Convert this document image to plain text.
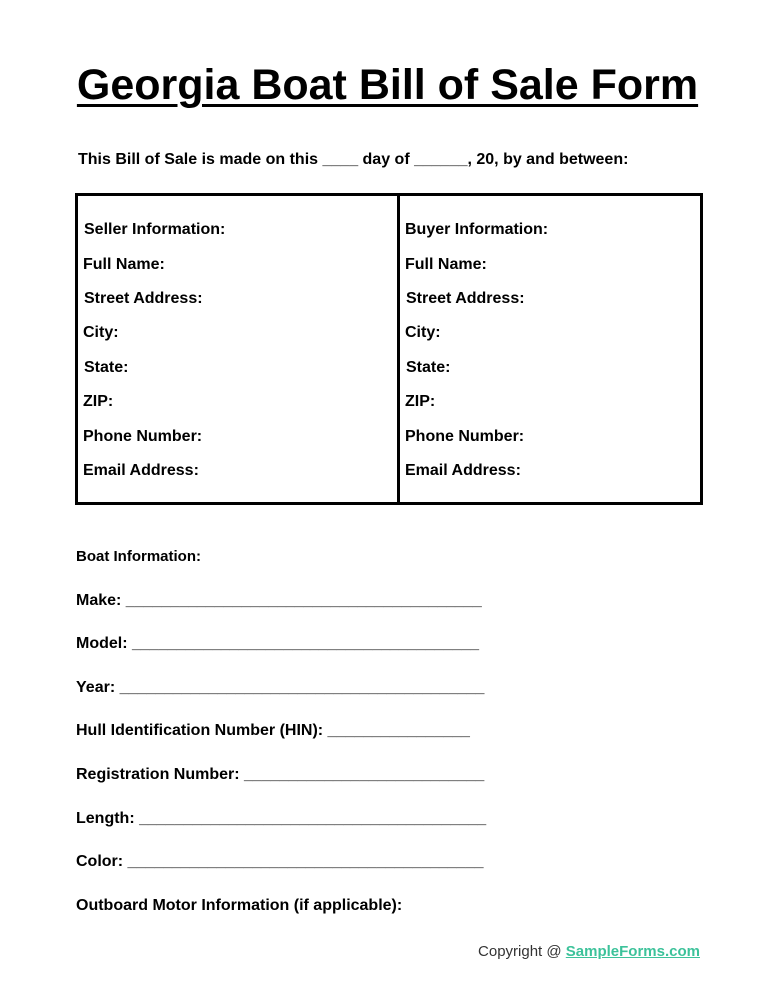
Georgia Boat Bill of Sale Form
This Bill of Sale is made on this ____ day of ______, 20, by and between:
Seller Information:
Full Name:
Street Address:
City:
State:
ZIP:
Phone Number:
Email Address:
Buyer Information:
Full Name:
Street Address:
City:
State:
ZIP:
Phone Number:
Email Address:
Boat Information:
Make: ________________________________________
Model: _______________________________________
Year: _________________________________________
Hull Identification Number (HIN): ________________
Registration Number: ___________________________
Length: _______________________________________
Color: ________________________________________
Outboard Motor Information (if applicable):
Copyright @ SampleForms.com
